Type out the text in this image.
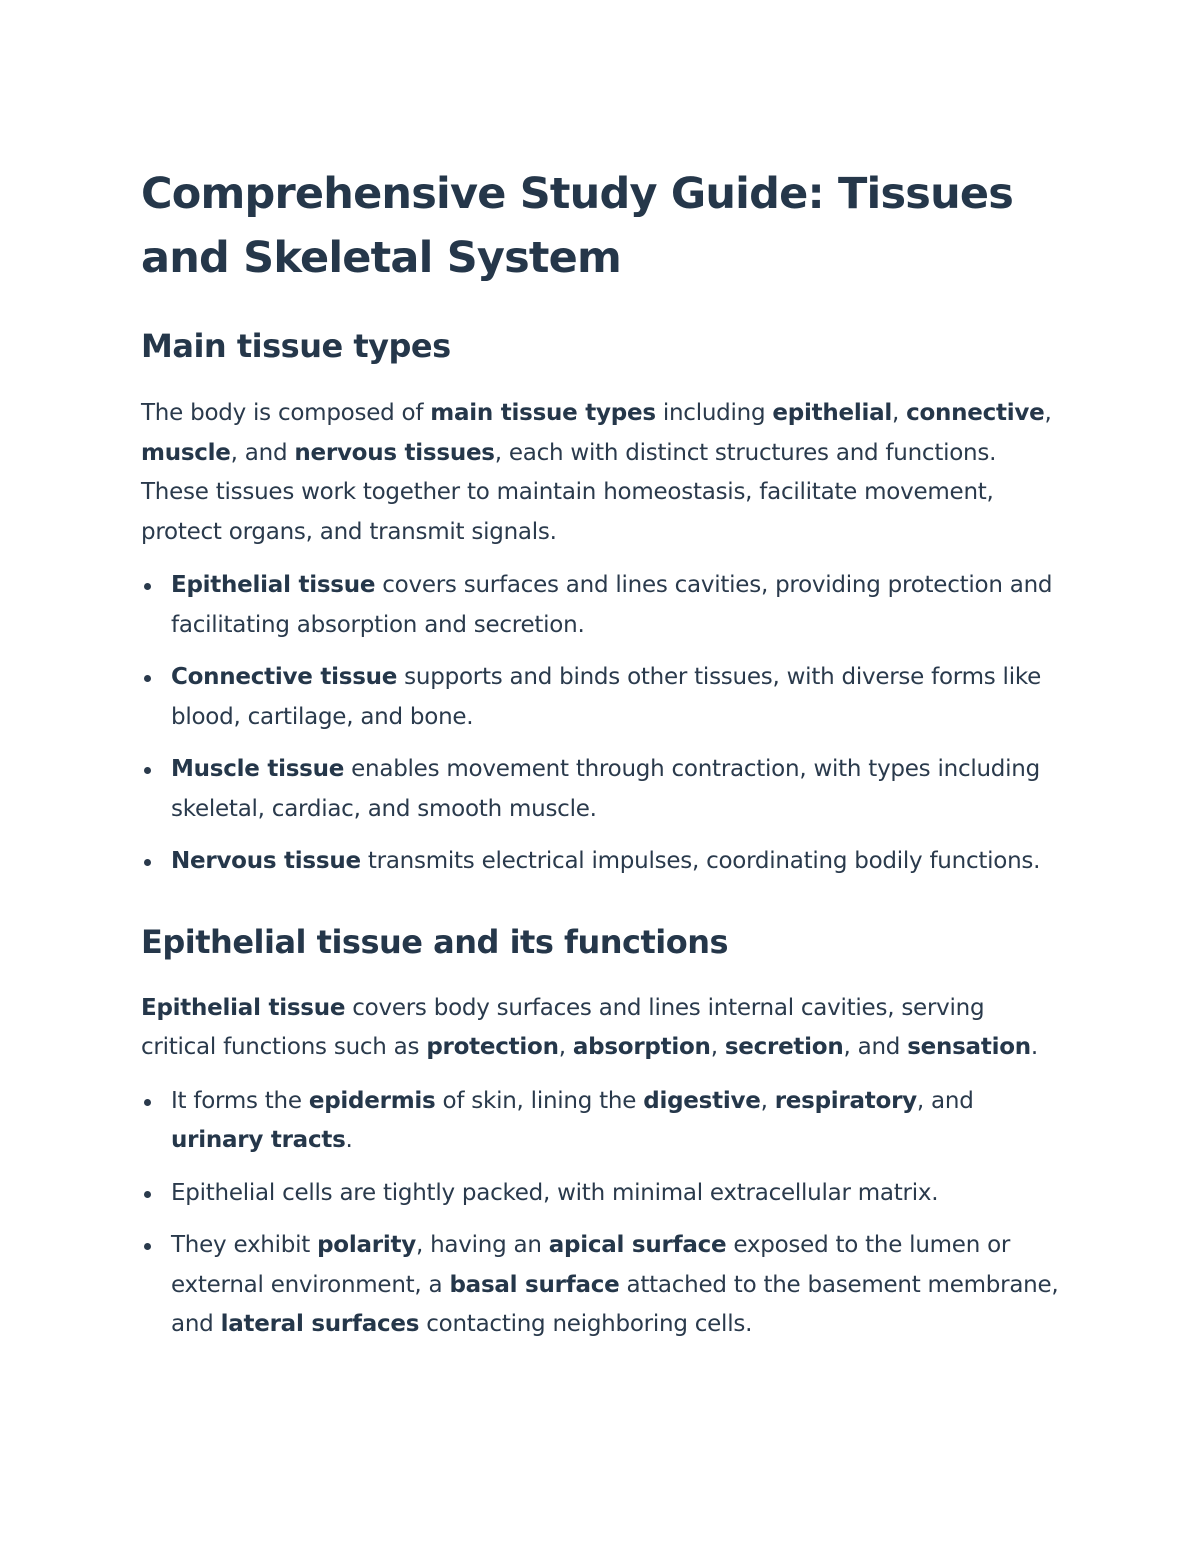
Comprehensive Study Guide: Tissues and Skeletal System
Main tissue types

The body is composed of main tissue types including epithelial, connective, muscle, and nervous tissues, each with distinct structures and functions. These tissues work together to maintain homeostasis, facilitate movement, protect organs, and transmit signals.

Epithelial tissue covers surfaces and lines cavities, providing protection and facilitating absorption and secretion.
Connective tissue supports and binds other tissues, with diverse forms like blood, cartilage, and bone.
Muscle tissue enables movement through contraction, with types including skeletal, cardiac, and smooth muscle.
Nervous tissue transmits electrical impulses, coordinating bodily functions.
Epithelial tissue and its functions

Epithelial tissue covers body surfaces and lines internal cavities, serving critical functions such as protection, absorption, secretion, and sensation.

It forms the epidermis of skin, lining the digestive, respiratory, and urinary tracts.
Epithelial cells are tightly packed, with minimal extracellular matrix.
They exhibit polarity, having an apical surface exposed to the lumen or external environment, a basal surface attached to the basement membrane, and lateral surfaces contacting neighboring cells.
